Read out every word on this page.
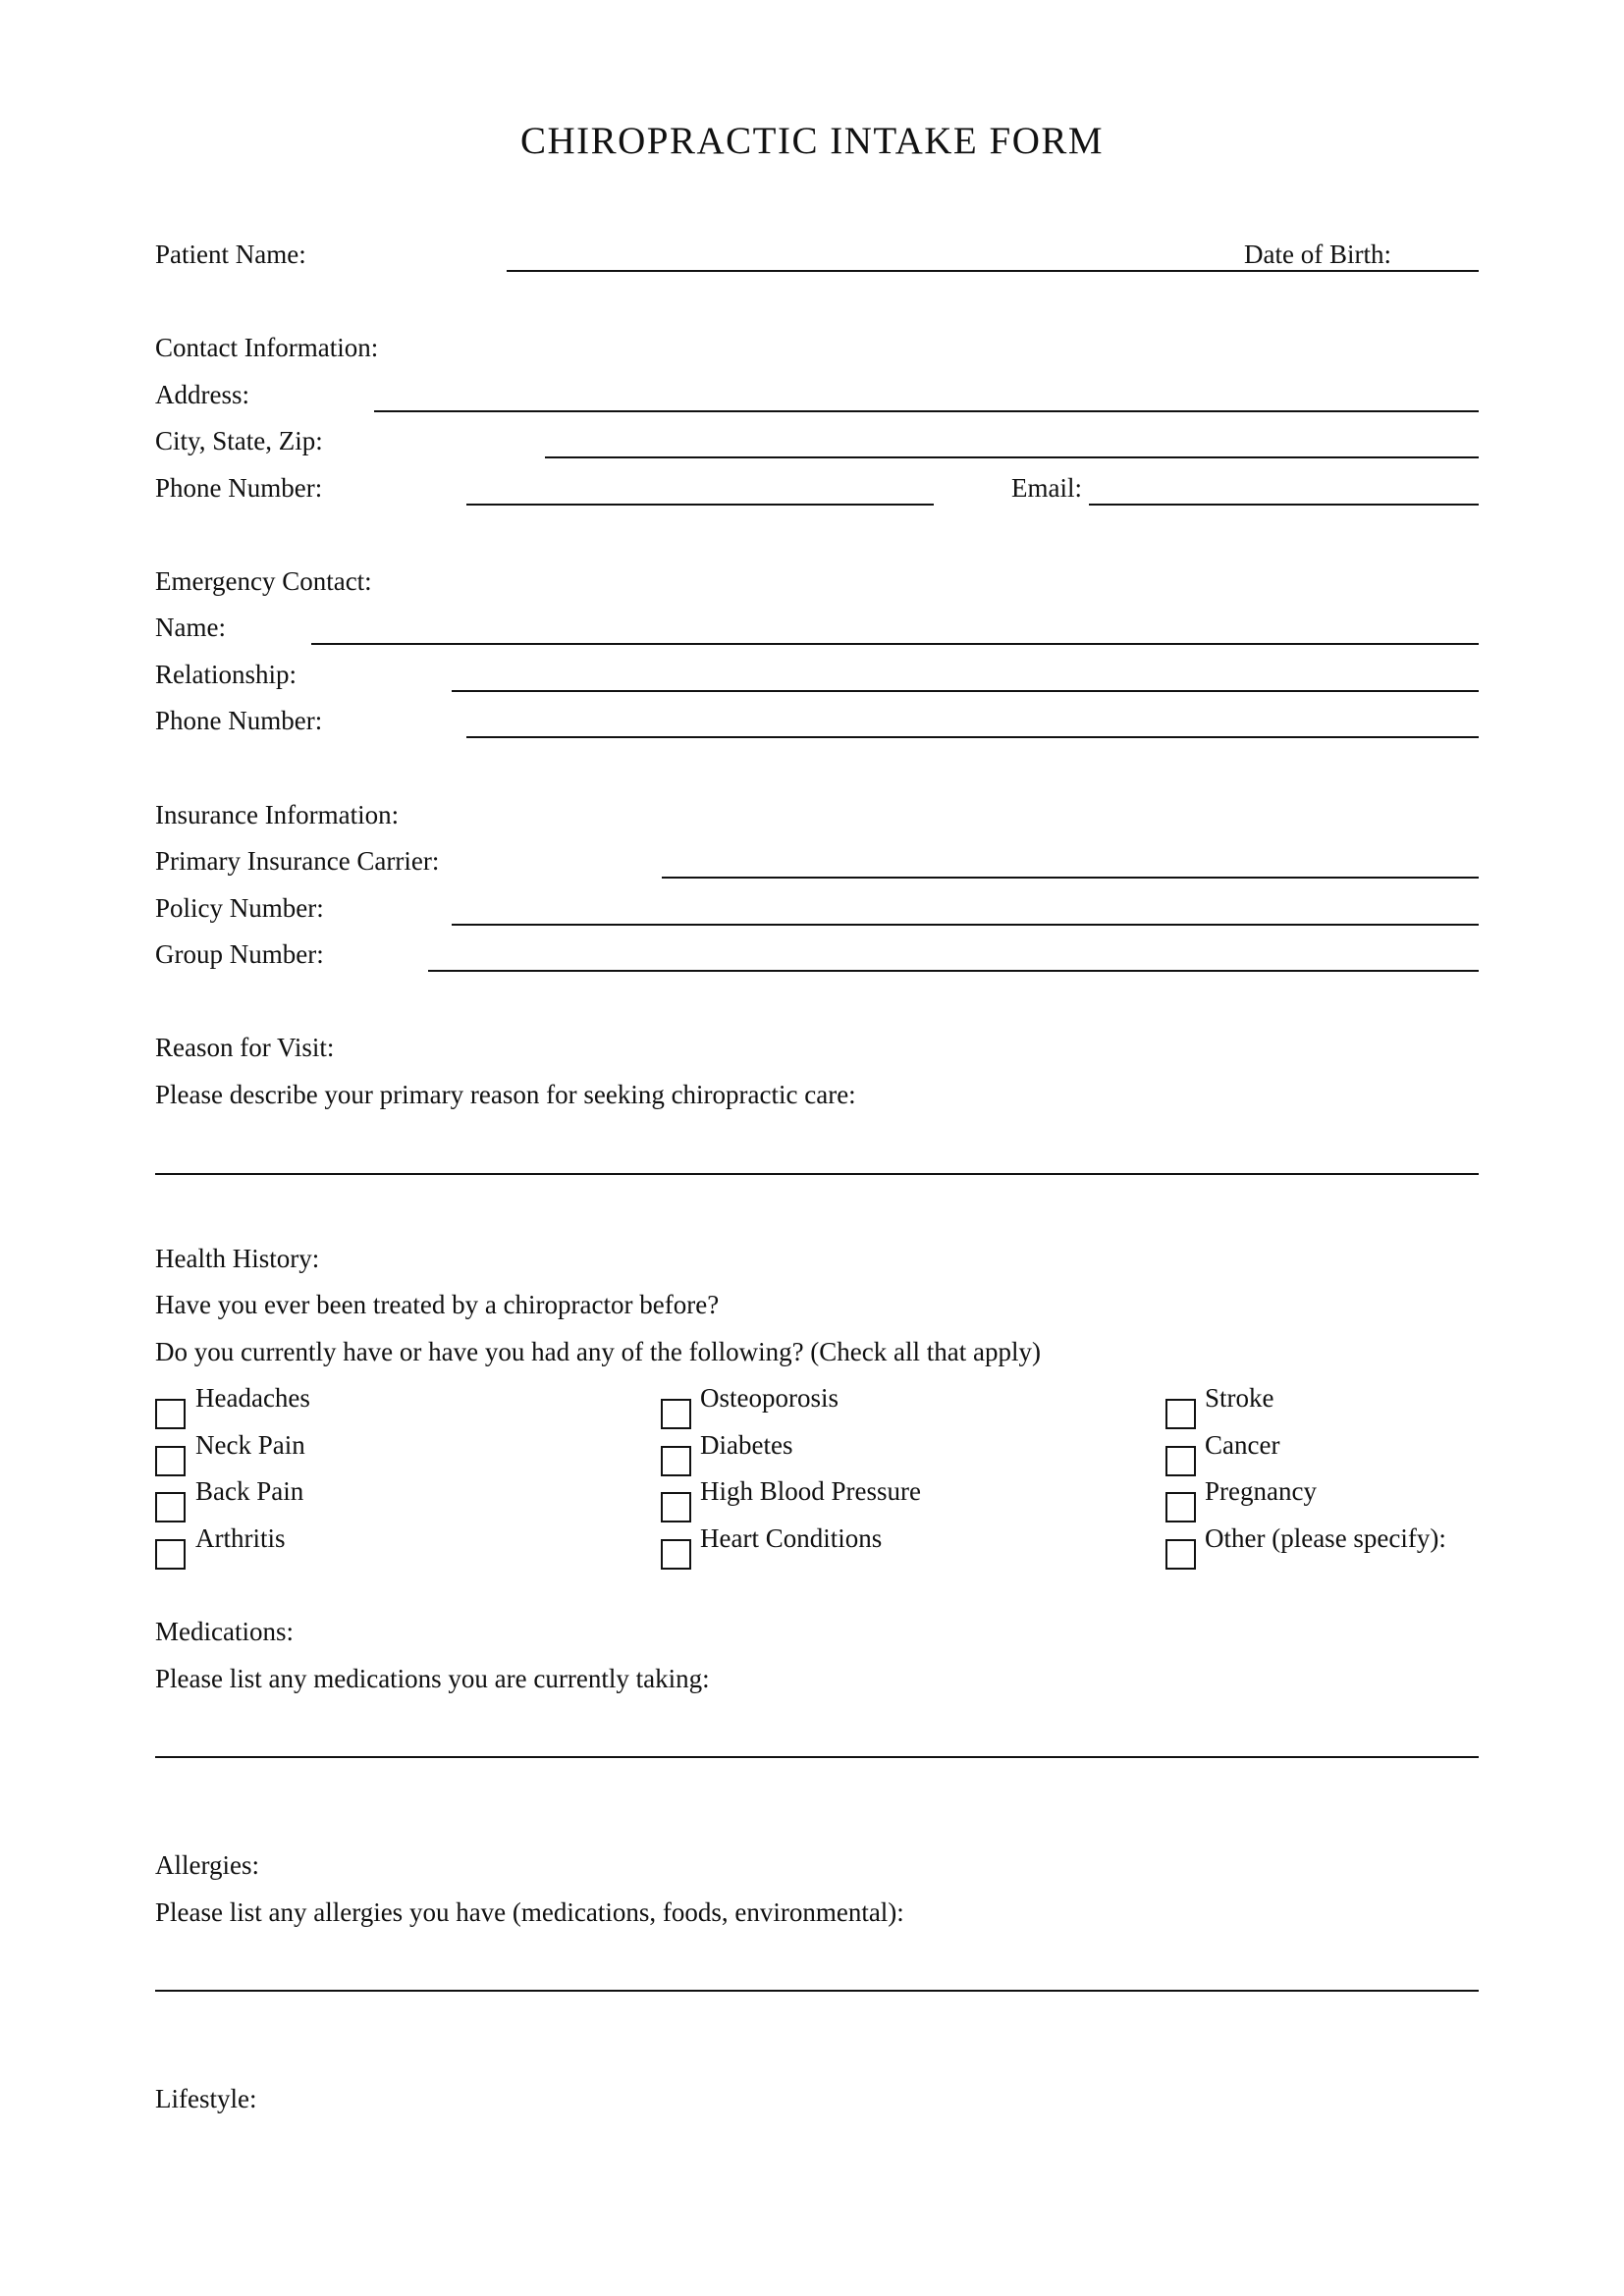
CHIROPRACTIC INTAKE FORM
Patient Name:	Date of Birth:
Contact Information:
Address:
City, State, Zip:
Phone Number:	Email:
Emergency Contact:
Name:
Relationship:
Phone Number:
Insurance Information:
Primary Insurance Carrier:
Policy Number:
Group Number:
Reason for Visit:
Please describe your primary reason for seeking chiropractic care:
Health History:
Have you ever been treated by a chiropractor before?
Do you currently have or have you had any of the following? (Check all that apply)
Headaches
Neck Pain
Back Pain
Arthritis
Osteoporosis
Diabetes
High Blood Pressure
Heart Conditions
Stroke
Cancer
Pregnancy
Other (please specify):
Medications:
Please list any medications you are currently taking:
Allergies:
Please list any allergies you have (medications, foods, environmental):
Lifestyle:
